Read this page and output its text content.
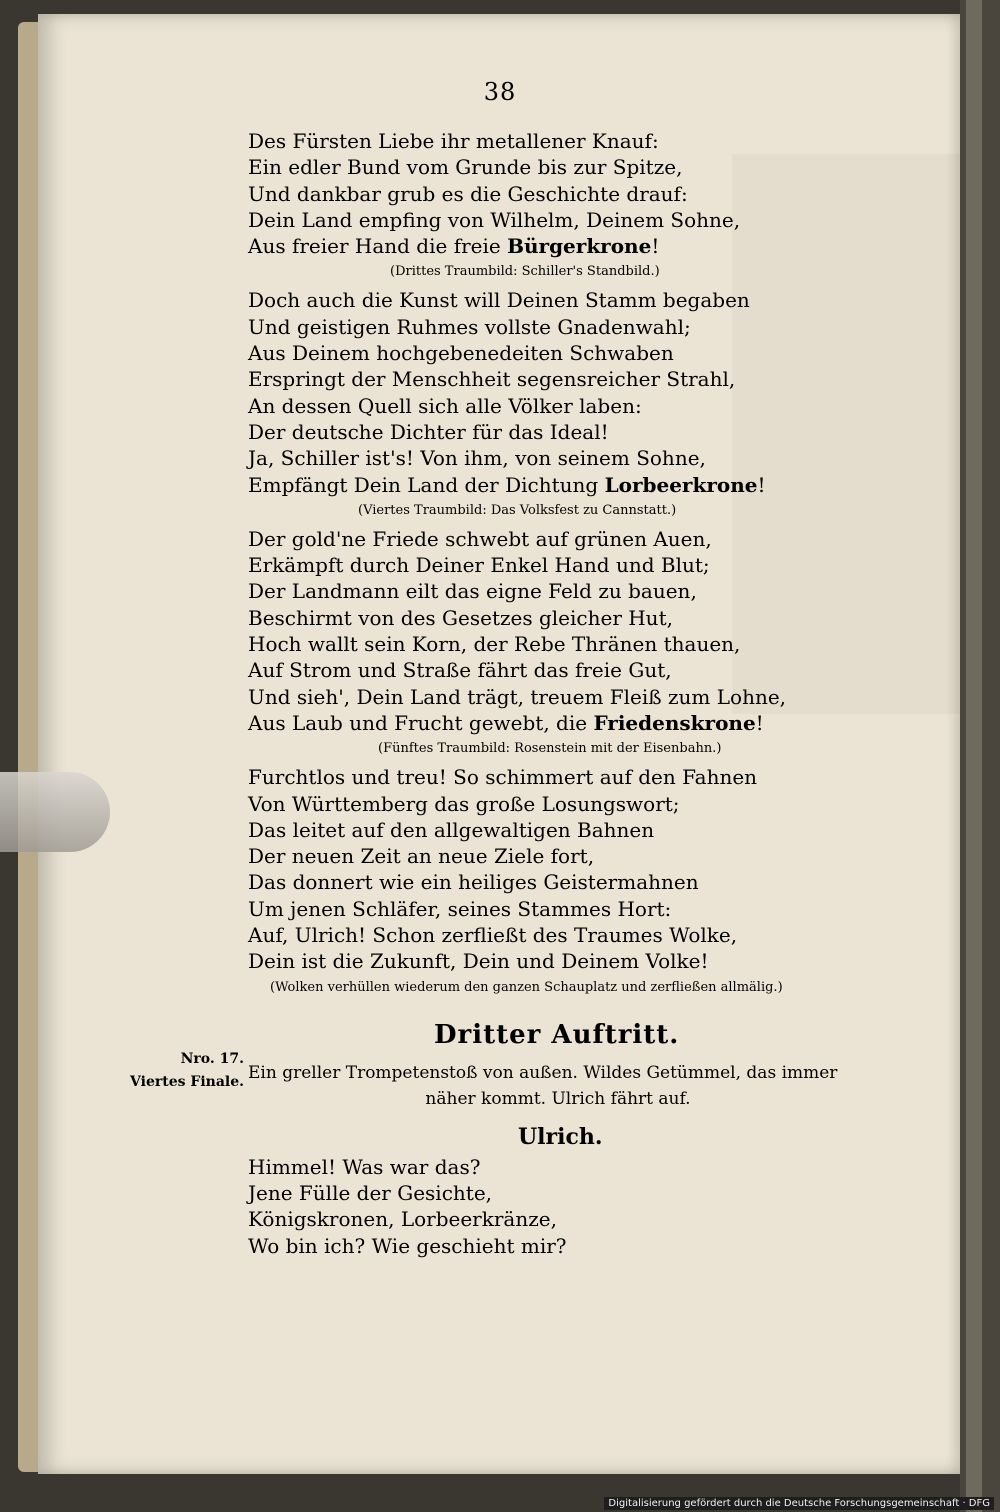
38
Nro. 17.
Viertes Finale.

Des Fürsten Liebe ihr metallener Knauf:

Ein edler Bund vom Grunde bis zur Spitze,

Und dankbar grub es die Geschichte drauf:

Dein Land empfing von Wilhelm, Deinem Sohne,

Aus freier Hand die freie Bürgerkrone!

(Drittes Traumbild: Schiller's Standbild.)

Doch auch die Kunst will Deinen Stamm begaben

Und geistigen Ruhmes vollste Gnadenwahl;

Aus Deinem hochgebenedeiten Schwaben

Erspringt der Menschheit segensreicher Strahl,

An dessen Quell sich alle Völker laben:

Der deutsche Dichter für das Ideal!

Ja, Schiller ist's! Von ihm, von seinem Sohne,

Empfängt Dein Land der Dichtung Lorbeerkrone!

(Viertes Traumbild: Das Volksfest zu Cannstatt.)

Der gold'ne Friede schwebt auf grünen Auen,

Erkämpft durch Deiner Enkel Hand und Blut;

Der Landmann eilt das eigne Feld zu bauen,

Beschirmt von des Gesetzes gleicher Hut,

Hoch wallt sein Korn, der Rebe Thränen thauen,

Auf Strom und Straße fährt das freie Gut,

Und sieh', Dein Land trägt, treuem Fleiß zum Lohne,

Aus Laub und Frucht gewebt, die Friedenskrone!

(Fünftes Traumbild: Rosenstein mit der Eisenbahn.)

Furchtlos und treu! So schimmert auf den Fahnen

Von Württemberg das große Losungswort;

Das leitet auf den allgewaltigen Bahnen

Der neuen Zeit an neue Ziele fort,

Das donnert wie ein heiliges Geistermahnen

Um jenen Schläfer, seines Stammes Hort:

Auf, Ulrich! Schon zerfließt des Traumes Wolke,

Dein ist die Zukunft, Dein und Deinem Volke!

(Wolken verhüllen wiederum den ganzen Schauplatz und zerfließen allmälig.)
Dritter Auftritt.
Ein greller Trompetenstoß von außen. Wildes Getümmel, das immer
näher kommt. Ulrich fährt auf.
Ulrich.

Himmel! Was war das?

Jene Fülle der Gesichte,

Königskronen, Lorbeerkränze,

Wo bin ich? Wie geschieht mir?

Digitalisierung gefördert durch die Deutsche Forschungsgemeinschaft · DFG
